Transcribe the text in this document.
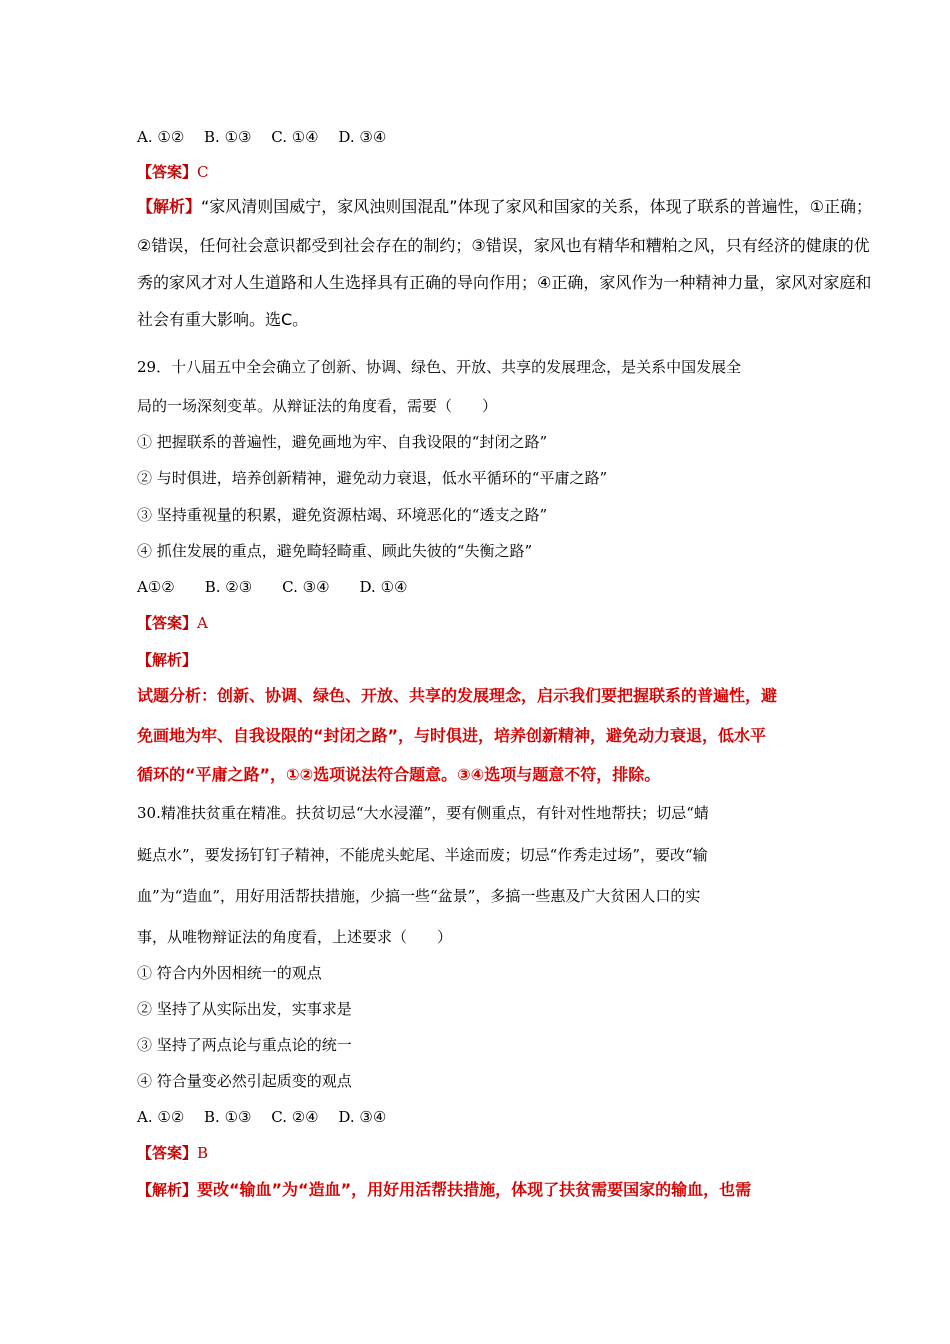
A. ①②　 B. ①③　 C. ①④　 D. ③④
【答案】C
【解析】“家风清则国威宁，家风浊则国混乱”体现了家风和国家的关系，体现了联系的普遍性，①正确；
②错误，任何社会意识都受到社会存在的制约；③错误，家风也有精华和糟粕之风，只有经济的健康的优
秀的家风才对人生道路和人生选择具有正确的导向作用；④正确，家风作为一种精神力量，家风对家庭和
社会有重大影响。选C。
29．十八届五中全会确立了创新、协调、绿色、开放、共享的发展理念，是关系中国发展全
局的一场深刻变革。从辩证法的角度看，需要（　　）
① 把握联系的普遍性，避免画地为牢、自我设限的“封闭之路”
② 与时俱进，培养创新精神，避免动力衰退，低水平循环的“平庸之路”
③ 坚持重视量的积累，避免资源枯竭、环境恶化的“透支之路”
④ 抓住发展的重点，避免畸轻畸重、顾此失彼的“失衡之路”
A①②　　B. ②③　　C. ③④　　D. ①④
【答案】A
【解析】
试题分析：创新、协调、绿色、开放、共享的发展理念，启示我们要把握联系的普遍性，避
免画地为牢、自我设限的“封闭之路”，与时俱进，培养创新精神，避免动力衰退，低水平
循环的“平庸之路”，①②选项说法符合题意。③④选项与题意不符，排除。
30.精准扶贫重在精准。扶贫切忌“大水浸灌”，要有侧重点，有针对性地帮扶；切忌“蜻
蜓点水”，要发扬钉钉子精神，不能虎头蛇尾、半途而废；切忌“作秀走过场”，要改“输
血”为“造血”，用好用活帮扶措施，少搞一些“盆景”，多搞一些惠及广大贫困人口的实
事，从唯物辩证法的角度看，上述要求（　　）
① 符合内外因相统一的观点
② 坚持了从实际出发，实事求是
③ 坚持了两点论与重点论的统一
④ 符合量变必然引起质变的观点
A. ①②　 B. ①③　 C. ②④　 D. ③④
【答案】B
【解析】要改“输血”为“造血”，用好用活帮扶措施，体现了扶贫需要国家的输血，也需
